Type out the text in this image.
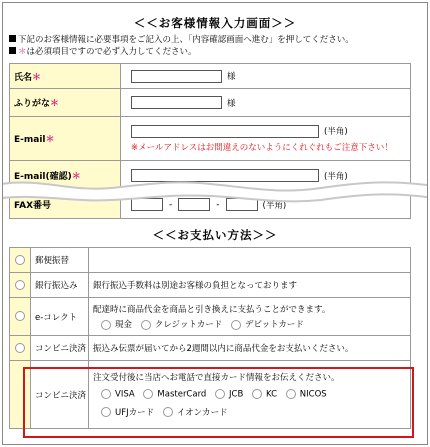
＜＜お客様情報入力画面＞＞
下記のお客様情報に必要事項をご記入の上、「内容確認画面へ進む」を押してください。
＊は必須項目ですので必ず入力してください。
氏名＊	様
ふりがな＊	様
E-mail＊	(半角)
※メールアドレスはお間違えのないようにくれぐれもご注意下さい！

E-mail(確認)＊	(半角)
FAX番号	- - (半角)
＜＜お支払い方法＞＞
	郵便振替	
	銀行振込み	銀行振込手数料は別途お客様の負担となっております
	e-コレクト	配達時に商品代金を商品と引き換えに支払うことができます。
現金 クレジットカード デビットカード

	コンビニ決済	振込み伝票が届いてから2週間以内に商品代金をお支払いください。
	コンビニ決済	注文受付後に当店へお電話で直接カード情報をお伝えください。
VISA MasterCard JCB KC NICOS
UFJカード イオンカード
